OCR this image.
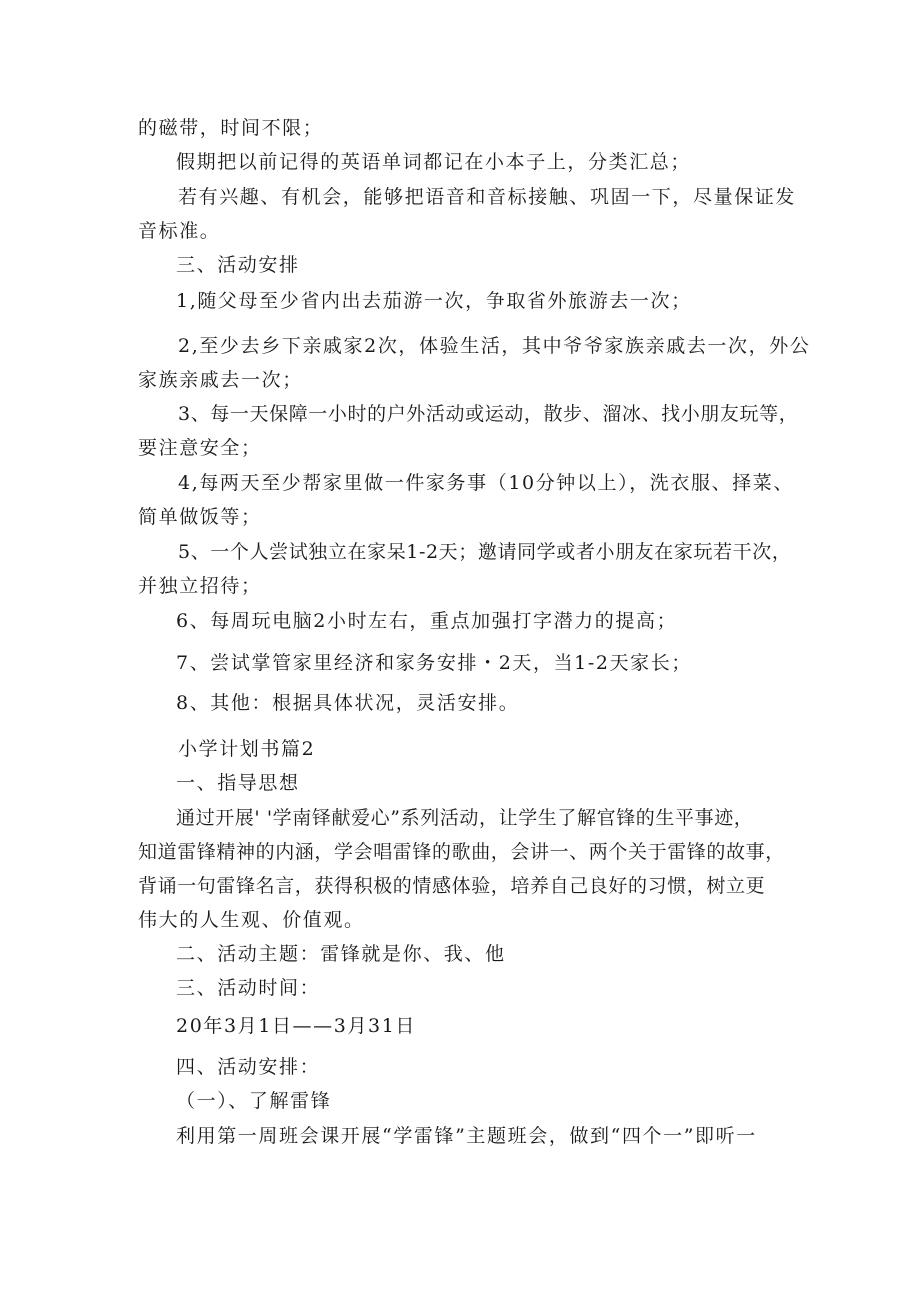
的磁带，时间不限；
假期把以前记得的英语单词都记在小本子上，分类汇总；
若有兴趣、有机会，能够把语音和音标接触、巩固一下，尽量保证发
音标准。
三、活动安排
1,随父母至少省内出去茄游一次，争取省外旅游去一次；
2,至少去乡下亲戚家2次，体验生活，其中爷爷家族亲戚去一次，外公
家族亲戚去一次；
3、每一天保障一小时的户外活动或运动，散步、溜冰、找小朋友玩等，
要注意安全；
4,每两天至少帮家里做一件家务事（10分钟以上），洗衣服、择菜、
简单做饭等；
5、一个人尝试独立在家呆1-2天；邀请同学或者小朋友在家玩若干次，
并独立招待；
6、每周玩电脑2小时左右，重点加强打字潜力的提高；
7、尝试掌管家里经济和家务安排・2天，当1-2天家长；
8、其他：根据具体状况，灵活安排。
小学计划书篇2
一、指导思想
通过开展' '学南铎献爱心”系列活动，让学生了解官锋的生平事迹，
知道雷锋精神的内涵，学会唱雷锋的歌曲，会讲一、两个关于雷锋的故事，
背诵一句雷锋名言，获得积极的情感体验，培养自己良好的习惯，树立更
伟大的人生观、价值观。
二、活动主题：雷锋就是你、我、他
三、活动时间：
20年3月1日——3月31日
四、活动安排：
（一）、了解雷锋
利用第一周班会课开展“学雷锋”主题班会，做到“四个一”即听一
